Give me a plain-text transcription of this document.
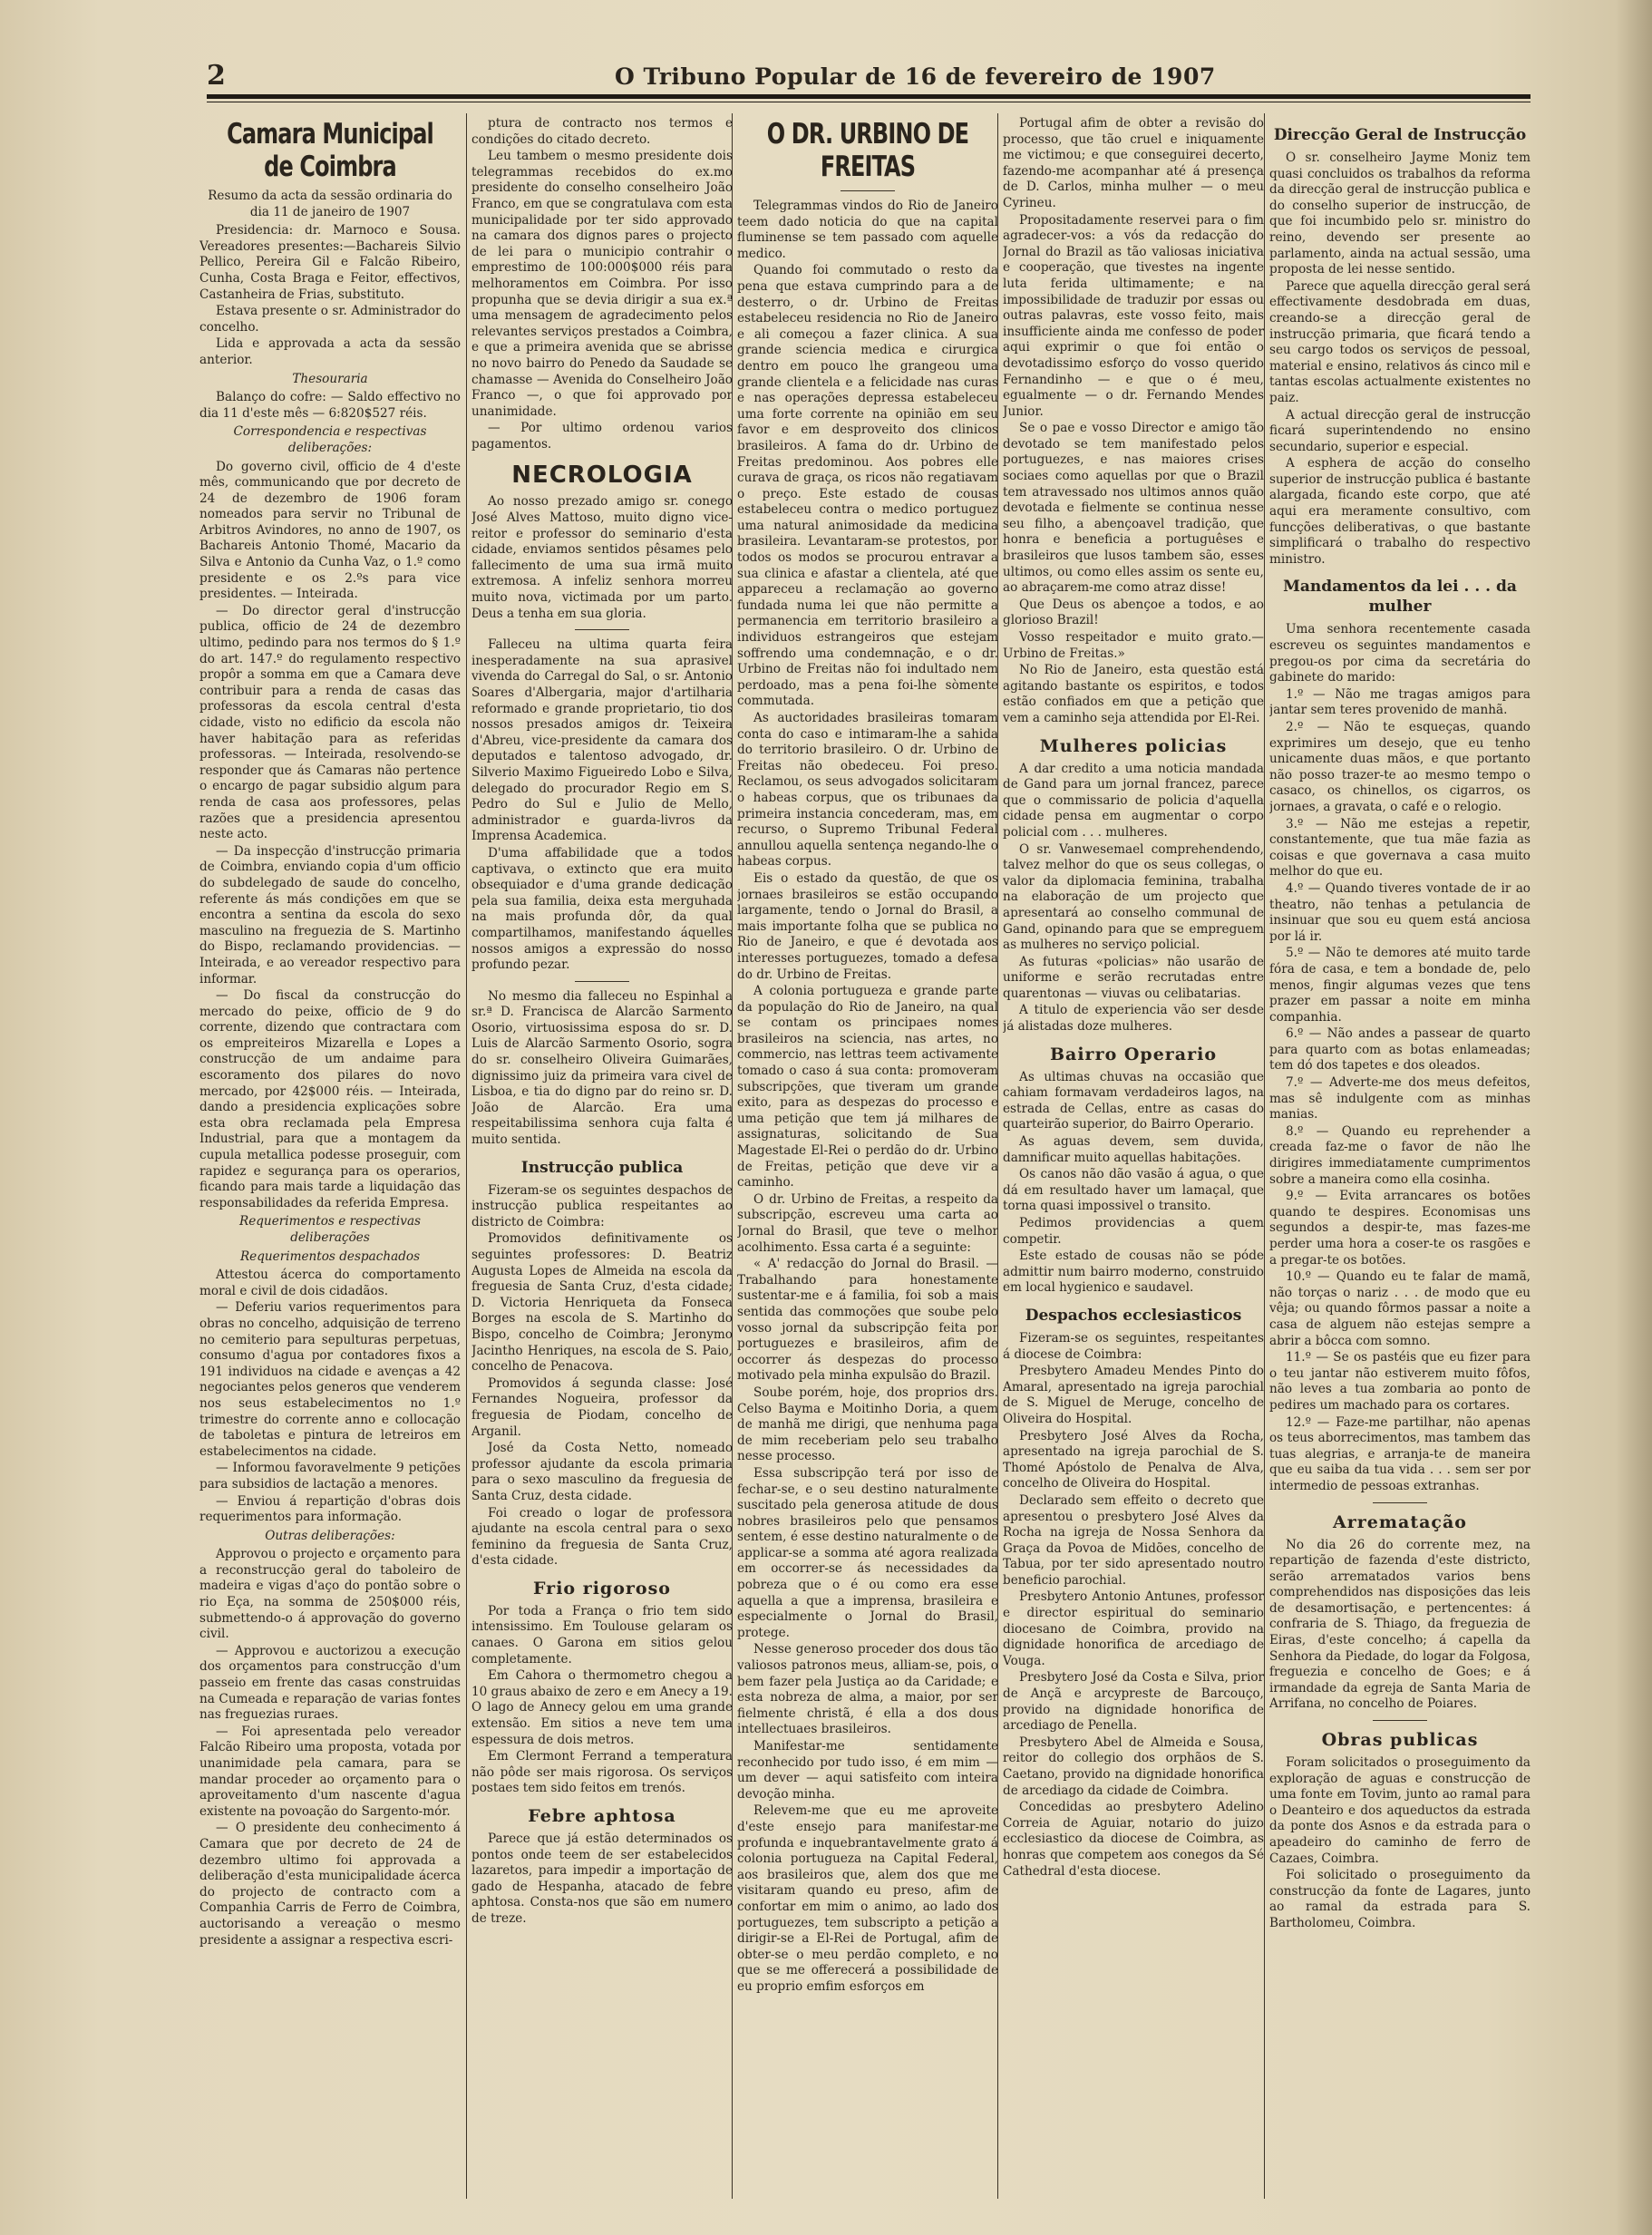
2	O Tribuno Popular de 16 de fevereiro de 1907
Camara Municipal de Coimbra

Resumo da acta da sessão ordinaria do dia 11 de janeiro de 1907

Presidencia: dr. Marnoco e Sousa. Vereadores presentes:—Bachareis Silvio Pellico, Pereira Gil e Falcão Ribeiro, Cunha, Costa Braga e Feitor, effectivos, Castanheira de Frias, substituto.

Estava presente o sr. Administrador do concelho.

Lida e approvada a acta da sessão anterior.

Thesouraria

Balanço do cofre: — Saldo effectivo no dia 11 d'este mês — 6:820$527 réis.

Correspondencia e respectivas deliberações:

Do governo civil, officio de 4 d'este mês, communicando que por decreto de 24 de dezembro de 1906 foram nomeados para servir no Tribunal de Arbitros Avindores, no anno de 1907, os Bachareis Antonio Thomé, Macario da Silva e Antonio da Cunha Vaz, o 1.º como presidente e os 2.ºs para vice presidentes. — Inteirada.

— Do director geral d'instrucção publica, officio de 24 de dezembro ultimo, pedindo para nos termos do § 1.º do art. 147.º do regulamento respectivo propôr a somma em que a Camara deve contribuir para a renda de casas das professoras da escola central d'esta cidade, visto no edificio da escola não haver habitação para as referidas professoras. — Inteirada, resolvendo-se responder que ás Camaras não pertence o encargo de pagar subsidio algum para renda de casa aos professores, pelas razões que a presidencia apresentou neste acto.

— Da inspecção d'instrucção primaria de Coimbra, enviando copia d'um officio do subdelegado de saude do concelho, referente ás más condições em que se encontra a sentina da escola do sexo masculino na freguezia de S. Martinho do Bispo, reclamando providencias. — Inteirada, e ao vereador respectivo para informar.

— Do fiscal da construcção do mercado do peixe, officio de 9 do corrente, dizendo que contractara com os empreiteiros Mizarella e Lopes a construcção de um andaime para escoramento dos pilares do novo mercado, por 42$000 réis. — Inteirada, dando a presidencia explicações sobre esta obra reclamada pela Empresa Industrial, para que a montagem da cupula metallica podesse proseguir, com rapidez e segurança para os operarios, ficando para mais tarde a liquidação das responsabilidades da referida Empresa.

Requerimentos e respectivas deliberações

Requerimentos despachados

Attestou ácerca do comportamento moral e civil de dois cidadãos.

— Deferiu varios requerimentos para obras no concelho, adquisição de terreno no cemiterio para sepulturas perpetuas, consumo d'agua por contadores fixos a 191 individuos na cidade e avenças a 42 negociantes pelos generos que venderem nos seus estabelecimentos no 1.º trimestre do corrente anno e collocação de taboletas e pintura de letreiros em estabelecimentos na cidade.

— Informou favoravelmente 9 petições para subsidios de lactação a menores.

— Enviou á repartição d'obras dois requerimentos para informação.

Outras deliberações:

Approvou o projecto e orçamento para a reconstrucção geral do taboleiro de madeira e vigas d'aço do pontão sobre o rio Eça, na somma de 250$000 réis, submettendo-o á approvação do governo civil.

— Approvou e auctorizou a execução dos orçamentos para construcção d'um passeio em frente das casas construidas na Cumeada e reparação de varias fontes nas freguezias ruraes.

— Foi apresentada pelo vereador Falcão Ribeiro uma proposta, votada por unanimidade pela camara, para se mandar proceder ao orçamento para o aproveitamento d'um nascente d'agua existente na povoação do Sargento-mór.

— O presidente deu conhecimento á Camara que por decreto de 24 de dezembro ultimo foi approvada a deliberação d'esta municipalidade ácerca do projecto de contracto com a Companhia Carris de Ferro de Coimbra, auctorisando a vereação o mesmo presidente a assignar a respectiva escri-

ptura de contracto nos termos e condições do citado decreto.

Leu tambem o mesmo presidente dois telegrammas recebidos do ex.mo presidente do conselho conselheiro João Franco, em que se congratulava com esta municipalidade por ter sido approvado na camara dos dignos pares o projecto de lei para o municipio contrahir o emprestimo de 100:000$000 réis para melhoramentos em Coimbra. Por isso propunha que se devia dirigir a sua ex.ª uma mensagem de agradecimento pelos relevantes serviços prestados a Coimbra, e que a primeira avenida que se abrisse no novo bairro do Penedo da Saudade se chamasse — Avenida do Conselheiro João Franco —, o que foi approvado por unanimidade.

— Por ultimo ordenou varios pagamentos.

NECROLOGIA

Ao nosso prezado amigo sr. conego José Alves Mattoso, muito digno vice-reitor e professor do seminario d'esta cidade, enviamos sentidos pêsames pelo fallecimento de uma sua irmã muito extremosa. A infeliz senhora morreu muito nova, victimada por um parto. Deus a tenha em sua gloria.

Falleceu na ultima quarta feira inesperadamente na sua aprasivel vivenda do Carregal do Sal, o sr. Antonio Soares d'Albergaria, major d'artilharia reformado e grande proprietario, tio dos nossos presados amigos dr. Teixeira d'Abreu, vice-presidente da camara dos deputados e talentoso advogado, dr. Silverio Maximo Figueiredo Lobo e Silva, delegado do procurador Regio em S. Pedro do Sul e Julio de Mello, administrador e guarda-livros da Imprensa Academica.

D'uma affabilidade que a todos captivava, o extincto que era muito obsequiador e d'uma grande dedicação pela sua familia, deixa esta merguhada na mais profunda dôr, da qual compartilhamos, manifestando áquelles nossos amigos a expressão do nosso profundo pezar.

No mesmo dia falleceu no Espinhal a sr.ª D. Francisca de Alarcão Sarmento Osorio, virtuosissima esposa do sr. D. Luis de Alarcão Sarmento Osorio, sogra do sr. conselheiro Oliveira Guimarães, dignissimo juiz da primeira vara civel de Lisboa, e tia do digno par do reino sr. D. João de Alarcão. Era uma respeitabilissima senhora cuja falta é muito sentida.

Instrucção publica

Fizeram-se os seguintes despachos de instrucção publica respeitantes ao districto de Coimbra:

Promovidos definitivamente os seguintes professores: D. Beatriz Augusta Lopes de Almeida na escola da freguesia de Santa Cruz, d'esta cidade; D. Victoria Henriqueta da Fonseca Borges na escola de S. Martinho do Bispo, concelho de Coimbra; Jeronymo Jacintho Henriques, na escola de S. Paio, concelho de Penacova.

Promovidos á segunda classe: José Fernandes Nogueira, professor da freguesia de Piodam, concelho de Arganil.

José da Costa Netto, nomeado professor ajudante da escola primaria para o sexo masculino da freguesia de Santa Cruz, desta cidade.

Foi creado o logar de professora ajudante na escola central para o sexo feminino da freguesia de Santa Cruz, d'esta cidade.

Frio rigoroso

Por toda a França o frio tem sido intensissimo. Em Toulouse gelaram os canaes. O Garona em sitios gelou completamente.

Em Cahora o thermometro chegou a 10 graus abaixo de zero e em Anecy a 19. O lago de Annecy gelou em uma grande extensão. Em sitios a neve tem uma espessura de dois metros.

Em Clermont Ferrand a temperatura não pôde ser mais rigorosa. Os serviços postaes tem sido feitos em trenós.

Febre aphtosa

Parece que já estão determinados os pontos onde teem de ser estabelecidos lazaretos, para impedir a importação de gado de Hespanha, atacado de febre aphtosa. Consta-nos que são em numero de treze.

O DR. URBINO DE FREITAS

Telegrammas vindos do Rio de Janeiro teem dado noticia do que na capital fluminense se tem passado com aquelle medico.

Quando foi commutado o resto da pena que estava cumprindo para a de desterro, o dr. Urbino de Freitas estabeleceu residencia no Rio de Janeiro e ali começou a fazer clinica. A sua grande sciencia medica e cirurgica dentro em pouco lhe grangeou uma grande clientela e a felicidade nas curas e nas operações depressa estabeleceu uma forte corrente na opinião em seu favor e em desproveito dos clinicos brasileiros. A fama do dr. Urbino de Freitas predominou. Aos pobres elle curava de graça, os ricos não regatiavam o preço. Este estado de cousas estabeleceu contra o medico portuguez uma natural animosidade da medicina brasileira. Levantaram-se protestos, por todos os modos se procurou entravar a sua clinica e afastar a clientela, até que appareceu a reclamação ao governo fundada numa lei que não permitte a permanencia em territorio brasileiro a individuos estrangeiros que estejam soffrendo uma condemnação, e o dr. Urbino de Freitas não foi indultado nem perdoado, mas a pena foi-lhe sòmente commutada.

As auctoridades brasileiras tomaram conta do caso e intimaram-lhe a sahida do territorio brasileiro. O dr. Urbino de Freitas não obedeceu. Foi preso. Reclamou, os seus advogados solicitaram o habeas corpus, que os tribunaes da primeira instancia concederam, mas, em recurso, o Supremo Tribunal Federal annullou aquella sentença negando-lhe o habeas corpus.

Eis o estado da questão, de que os jornaes brasileiros se estão occupando largamente, tendo o Jornal do Brasil, a mais importante folha que se publica no Rio de Janeiro, e que é devotada aos interesses portuguezes, tomado a defesa do dr. Urbino de Freitas.

A colonia portugueza e grande parte da população do Rio de Janeiro, na qual se contam os principaes nomes brasileiros na sciencia, nas artes, no commercio, nas lettras teem activamente tomado o caso á sua conta: promoveram subscripções, que tiveram um grande exito, para as despezas do processo e uma petição que tem já milhares de assignaturas, solicitando de Sua Magestade El-Rei o perdão do dr. Urbino de Freitas, petição que deve vir a caminho.

O dr. Urbino de Freitas, a respeito da subscripção, escreveu uma carta ao Jornal do Brasil, que teve o melhor acolhimento. Essa carta é a seguinte:

« A' redacção do Jornal do Brasil. — Trabalhando para honestamente sustentar-me e á familia, foi sob a mais sentida das commoções que soube pelo vosso jornal da subscripção feita por portuguezes e brasileiros, afim de occorrer ás despezas do processo motivado pela minha expulsão do Brazil.

Soube porém, hoje, dos proprios drs. Celso Bayma e Moitinho Doria, a quem de manhã me dirigi, que nenhuma paga de mim receberiam pelo seu trabalho nesse processo.

Essa subscripção terá por isso de fechar-se, e o seu destino naturalmente suscitado pela generosa atitude de dous nobres brasileiros pelo que pensamos sentem, é esse destino naturalmente o de applicar-se a somma até agora realizada em occorrer-se ás necessidades da pobreza que o é ou como era esse aquella a que a imprensa, brasileira e especialmente o Jornal do Brasil, protege.

Nesse generoso proceder dos dous tão valiosos patronos meus, alliam-se, pois, o bem fazer pela Justiça ao da Caridade; e esta nobreza de alma, a maior, por ser fielmente christã, é ella a dos dous intellectuaes brasileiros.

Manifestar-me sentidamente reconhecido por tudo isso, é em mim — um dever — aqui satisfeito com inteira devoção minha.

Relevem-me que eu me aproveite d'este ensejo para manifestar-me profunda e inquebrantavelmente grato á colonia portugueza na Capital Federal, aos brasileiros que, alem dos que me visitaram quando eu preso, afim de confortar em mim o animo, ao lado dos portuguezes, tem subscripto a petição a dirigir-se a El-Rei de Portugal, afim de obter-se o meu perdão completo, e no que se me offerecerá a possibilidade de eu proprio emfim esforços em

Portugal afim de obter a revisão do processo, que tão cruel e iniquamente me victimou; e que conseguirei decerto, fazendo-me acompanhar até á presença de D. Carlos, minha mulher — o meu Cyrineu.

Propositadamente reservei para o fim agradecer-vos: a vós da redacção do Jornal do Brazil as tão valiosas iniciativa e cooperação, que tivestes na ingente luta ferida ultimamente; e na impossibilidade de traduzir por essas ou outras palavras, este vosso feito, mais insufficiente ainda me confesso de poder aqui exprimir o que foi então o devotadissimo esforço do vosso querido Fernandinho — e que o é meu, egualmente — o dr. Fernando Mendes Junior.

Se o pae e vosso Director e amigo tão devotado se tem manifestado pelos portuguezes, e nas maiores crises sociaes como aquellas por que o Brazil tem atravessado nos ultimos annos quão devotada e fielmente se continua nesse seu filho, a abençoavel tradição, que honra e beneficia a portuguêses e brasileiros que lusos tambem são, esses ultimos, ou como elles assim os sente eu, ao abraçarem-me como atraz disse!

Que Deus os abençoe a todos, e ao glorioso Brazil!

Vosso respeitador e muito grato.— Urbino de Freitas.»

No Rio de Janeiro, esta questão está agitando bastante os espiritos, e todos estão confiados em que a petição que vem a caminho seja attendida por El-Rei.

Mulheres policias

A dar credito a uma noticia mandada de Gand para um jornal francez, parece que o commissario de policia d'aquella cidade pensa em augmentar o corpo policial com . . . mulheres.

O sr. Vanwesemael comprehendendo, talvez melhor do que os seus collegas, o valor da diplomacia feminina, trabalha na elaboração de um projecto que apresentará ao conselho communal de Gand, opinando para que se empreguem as mulheres no serviço policial.

As futuras «policias» não usarão de uniforme e serão recrutadas entre quarentonas — viuvas ou celibatarias.

A titulo de experiencia vão ser desde já alistadas doze mulheres.

Bairro Operario

As ultimas chuvas na occasião que cahiam formavam verdadeiros lagos, na estrada de Cellas, entre as casas do quarteirão superior, do Bairro Operario.

As aguas devem, sem duvida, damnificar muito aquellas habitações.

Os canos não dão vasão á agua, o que dá em resultado haver um lamaçal, que torna quasi impossivel o transito.

Pedimos providencias a quem competir.

Este estado de cousas não se póde admittir num bairro moderno, construido em local hygienico e saudavel.

Despachos ecclesiasticos

Fizeram-se os seguintes, respeitantes á diocese de Coimbra:

Presbytero Amadeu Mendes Pinto do Amaral, apresentado na igreja parochial de S. Miguel de Meruge, concelho de Oliveira do Hospital.

Presbytero José Alves da Rocha, apresentado na igreja parochial de S. Thomé Apóstolo de Penalva de Alva, concelho de Oliveira do Hospital.

Declarado sem effeito o decreto que apresentou o presbytero José Alves da Rocha na igreja de Nossa Senhora da Graça da Povoa de Midões, concelho de Tabua, por ter sido apresentado noutro beneficio parochial.

Presbytero Antonio Antunes, professor e director espiritual do seminario diocesano de Coimbra, provido na dignidade honorifica de arcediago de Vouga.

Presbytero José da Costa e Silva, prior de Ançã e arcypreste de Barcouço, provido na dignidade honorifica de arcediago de Penella.

Presbytero Abel de Almeida e Sousa, reitor do collegio dos orphãos de S. Caetano, provido na dignidade honorifica de arcediago da cidade de Coimbra.

Concedidas ao presbytero Adelino Correia de Aguiar, notario do juizo ecclesiastico da diocese de Coimbra, as honras que competem aos conegos da Sé Cathedral d'esta diocese.

Direcção Geral de Instrucção

O sr. conselheiro Jayme Moniz tem quasi concluidos os trabalhos da reforma da direcção geral de instrucção publica e do conselho superior de instrucção, de que foi incumbido pelo sr. ministro do reino, devendo ser presente ao parlamento, ainda na actual sessão, uma proposta de lei nesse sentido.

Parece que aquella direcção geral será effectivamente desdobrada em duas, creando-se a direcção geral de instrucção primaria, que ficará tendo a seu cargo todos os serviços de pessoal, material e ensino, relativos ás cinco mil e tantas escolas actualmente existentes no paiz.

A actual direcção geral de instrucção ficará superintendendo no ensino secundario, superior e especial.

A esphera de acção do conselho superior de instrucção publica é bastante alargada, ficando este corpo, que até aqui era meramente consultivo, com funcções deliberativas, o que bastante simplificará o trabalho do respectivo ministro.

Mandamentos da lei . . . da mulher

Uma senhora recentemente casada escreveu os seguintes mandamentos e pregou-os por cima da secretária do gabinete do marido:

1.º — Não me tragas amigos para jantar sem teres provenido de manhã.

2.º — Não te esqueças, quando exprimires um desejo, que eu tenho unicamente duas mãos, e que portanto não posso trazer-te ao mesmo tempo o casaco, os chinellos, os cigarros, os jornaes, a gravata, o café e o relogio.

3.º — Não me estejas a repetir, constantemente, que tua mãe fazia as coisas e que governava a casa muito melhor do que eu.

4.º — Quando tiveres vontade de ir ao theatro, não tenhas a petulancia de insinuar que sou eu quem está anciosa por lá ir.

5.º — Não te demores até muito tarde fóra de casa, e tem a bondade de, pelo menos, fingir algumas vezes que tens prazer em passar a noite em minha companhia.

6.º — Não andes a passear de quarto para quarto com as botas enlameadas; tem dó dos tapetes e dos oleados.

7.º — Adverte-me dos meus defeitos, mas sê indulgente com as minhas manias.

8.º — Quando eu reprehender a creada faz-me o favor de não lhe dirigires immediatamente cumprimentos sobre a maneira como ella cosinha.

9.º — Evita arrancares os botões quando te despires. Economisas uns segundos a despir-te, mas fazes-me perder uma hora a coser-te os rasgões e a pregar-te os botões.

10.º — Quando eu te falar de mamã, não torças o nariz . . . de modo que eu vêja; ou quando fôrmos passar a noite a casa de alguem não estejas sempre a abrir a bôcca com somno.

11.º — Se os pastéis que eu fizer para o teu jantar não estiverem muito fôfos, não leves a tua zombaria ao ponto de pedires um machado para os cortares.

12.º — Faze-me partilhar, não apenas os teus aborrecimentos, mas tambem das tuas alegrias, e arranja-te de maneira que eu saiba da tua vida . . . sem ser por intermedio de pessoas extranhas.

Arrematação

No dia 26 do corrente mez, na repartição de fazenda d'este districto, serão arrematados varios bens comprehendidos nas disposições das leis de desamortisação, e pertencentes: á confraria de S. Thiago, da freguezia de Eiras, d'este concelho; á capella da Senhora da Piedade, do logar da Folgosa, freguezia e concelho de Goes; e á irmandade da egreja de Santa Maria de Arrifana, no concelho de Poiares.

Obras publicas

Foram solicitados o proseguimento da exploração de aguas e construcção de uma fonte em Tovim, junto ao ramal para o Deanteiro e dos aqueductos da estrada da ponte dos Asnos e da estrada para o apeadeiro do caminho de ferro de Cazaes, Coimbra.

Foi solicitado o proseguimento da construcção da fonte de Lagares, junto ao ramal da estrada para S. Bartholomeu, Coimbra.
